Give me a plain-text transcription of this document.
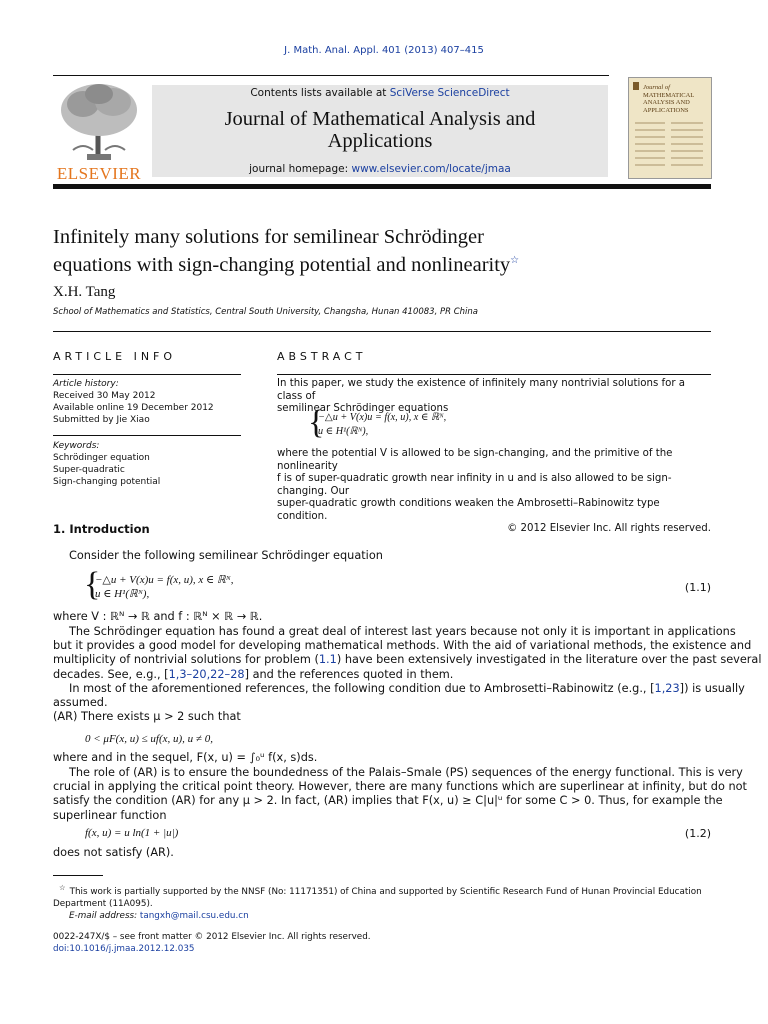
J. Math. Anal. Appl. 401 (2013) 407–415
ELSEVIER
Contents lists available at SciVerse ScienceDirect
Journal of Mathematical Analysis and
Applications
journal homepage: www.elsevier.com/locate/jmaa
Journal of
MATHEMATICAL
ANALYSIS AND
APPLICATIONS
Infinitely many solutions for semilinear Schrödinger
equations with sign-changing potential and nonlinearity☆
X.H. Tang
School of Mathematics and Statistics, Central South University, Changsha, Hunan 410083, PR China
ARTICLE INFO
Article history:
Received 30 May 2012
Available online 19 December 2012
Submitted by Jie Xiao
Keywords:
Schrödinger equation
Super-quadratic
Sign-changing potential
ABSTRACT
In this paper, we study the existence of infinitely many nontrivial solutions for a class of
semilinear Schrödinger equations
{
−△u + V(x)u = f(x, u), x ∈ ℝᴺ,
u ∈ H¹(ℝᴺ),
where the potential V is allowed to be sign-changing, and the primitive of the nonlinearity
f is of super-quadratic growth near infinity in u and is also allowed to be sign-changing. Our
super-quadratic growth conditions weaken the Ambrosetti–Rabinowitz type condition.
© 2012 Elsevier Inc. All rights reserved.
1. Introduction
Consider the following semilinear Schrödinger equation
{
−△u + V(x)u = f(x, u), x ∈ ℝᴺ,
u ∈ H¹(ℝᴺ),	(1.1)
where V : ℝᴺ → ℝ and f : ℝᴺ × ℝ → ℝ.
The Schrödinger equation has found a great deal of interest last years because not only it is important in applications
but it provides a good model for developing mathematical methods. With the aid of variational methods, the existence and
multiplicity of nontrivial solutions for problem (1.1) have been extensively investigated in the literature over the past several
decades. See, e.g., [1,3–20,22–28] and the references quoted in them.
In most of the aforementioned references, the following condition due to Ambrosetti–Rabinowitz (e.g., [1,23]) is usually
assumed.
(AR) There exists μ > 2 such that
0 < μF(x, u) ≤ uf(x, u), u ≠ 0,
where and in the sequel, F(x, u) = ∫₀ᵘ f(x, s)ds.
The role of (AR) is to ensure the boundedness of the Palais–Smale (PS) sequences of the energy functional. This is very
crucial in applying the critical point theory. However, there are many functions which are superlinear at infinity, but do not
satisfy the condition (AR) for any μ > 2. In fact, (AR) implies that F(x, u) ≥ C|u|ᵘ for some C > 0. Thus, for example the
superlinear function
f(x, u) = u ln(1 + |u|)	(1.2)
does not satisfy (AR).
☆ This work is partially supported by the NNSF (No: 11171351) of China and supported by Scientific Research Fund of Hunan Provincial Education
Department (11A095).
E-mail address: tangxh@mail.csu.edu.cn
0022-247X/$ – see front matter © 2012 Elsevier Inc. All rights reserved.
doi:10.1016/j.jmaa.2012.12.035
